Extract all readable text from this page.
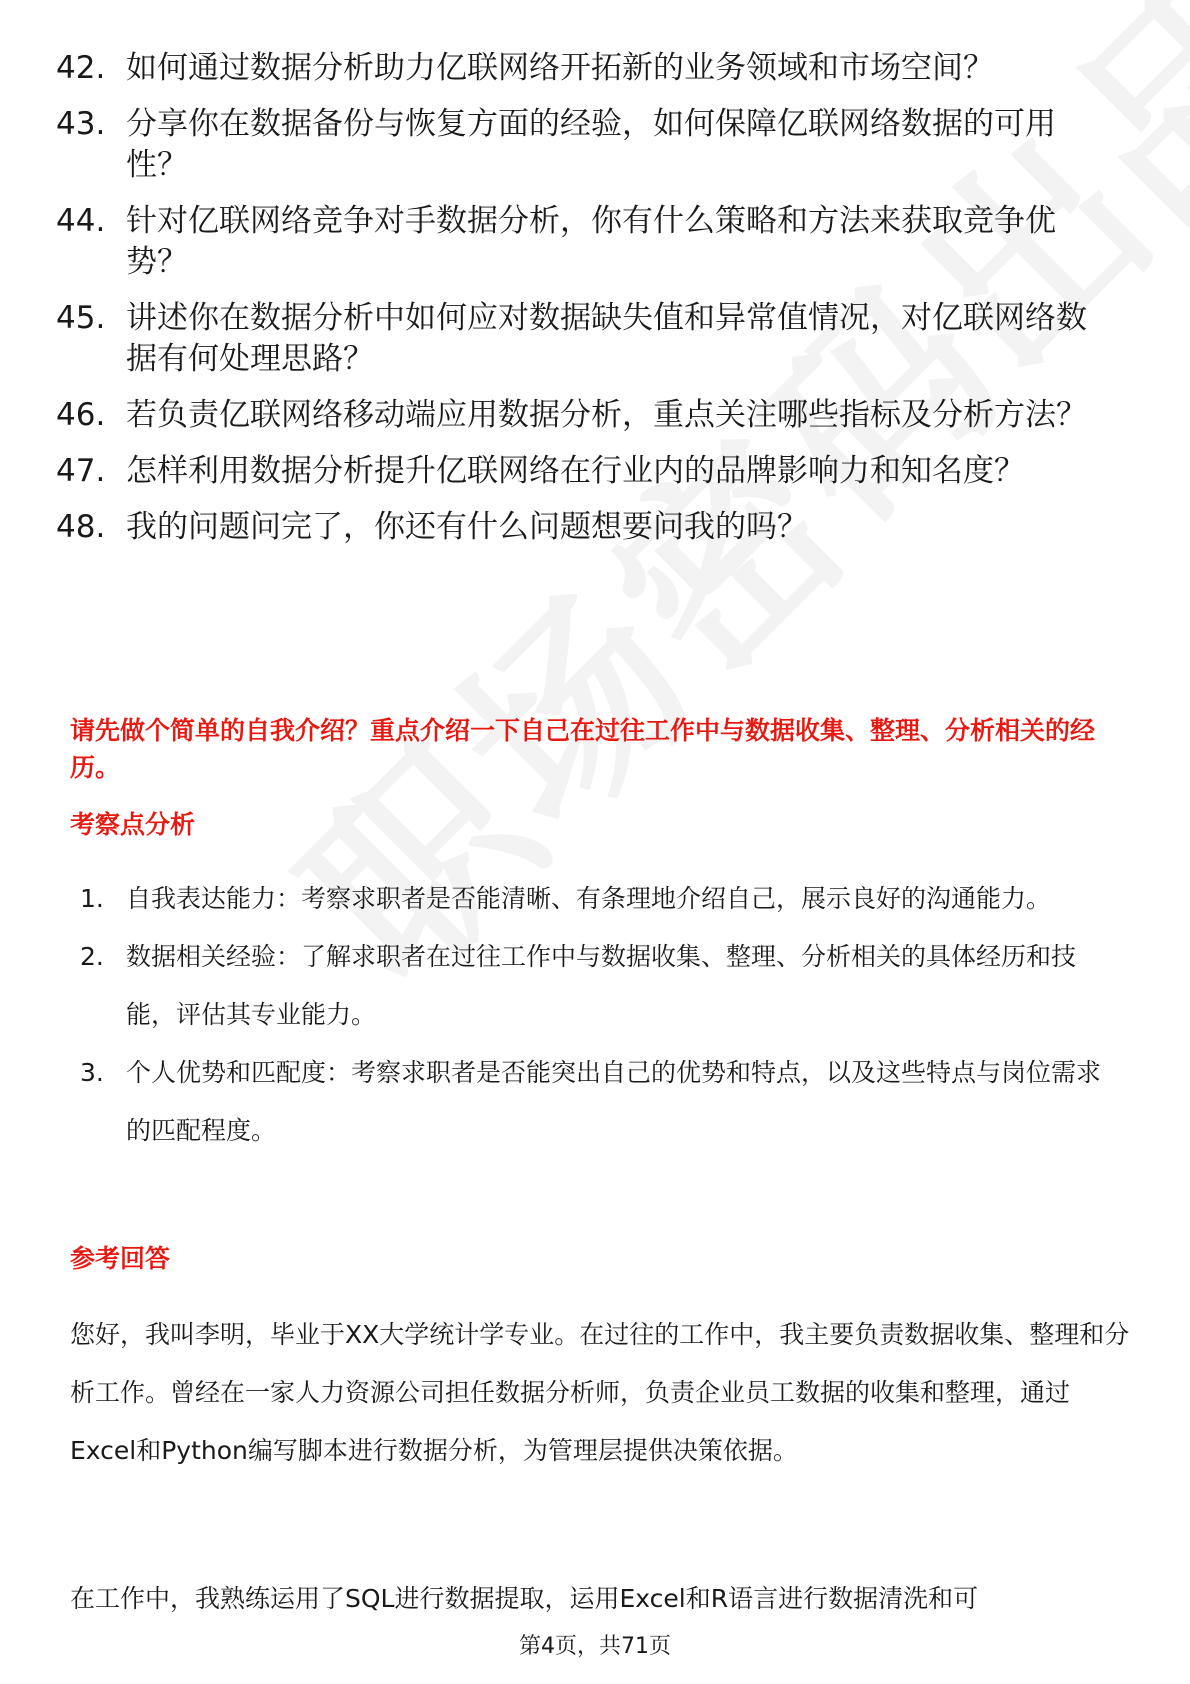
42. 如何通过数据分析助力亿联网络开拓新的业务领域和市场空间？
43. 分享你在数据备份与恢复方面的经验，如何保障亿联网络数据的可用性？
44. 针对亿联网络竞争对手数据分析，你有什么策略和方法来获取竞争优势？
45. 讲述你在数据分析中如何应对数据缺失值和异常值情况，对亿联网络数据有何处理思路？
46. 若负责亿联网络移动端应用数据分析，重点关注哪些指标及分析方法？
47. 怎样利用数据分析提升亿联网络在行业内的品牌影响力和知名度？
48. 我的问题问完了，你还有什么问题想要问我的吗？
请先做个简单的自我介绍？重点介绍一下自己在过往工作中与数据收集、整理、分析相关的经历。
考察点分析
1. 自我表达能力：考察求职者是否能清晰、有条理地介绍自己，展示良好的沟通能力。
2. 数据相关经验：了解求职者在过往工作中与数据收集、整理、分析相关的具体经历和技能，评估其专业能力。
3. 个人优势和匹配度：考察求职者是否能突出自己的优势和特点，以及这些特点与岗位需求的匹配程度。
参考回答
您好，我叫李明，毕业于XX大学统计学专业。在过往的工作中，我主要负责数据收集、整理和分析工作。曾经在一家人力资源公司担任数据分析师，负责企业员工数据的收集和整理，通过Excel和Python编写脚本进行数据分析，为管理层提供决策依据。
在工作中，我熟练运用了SQL进行数据提取，运用Excel和R语言进行数据清洗和可
第4页，共71页
